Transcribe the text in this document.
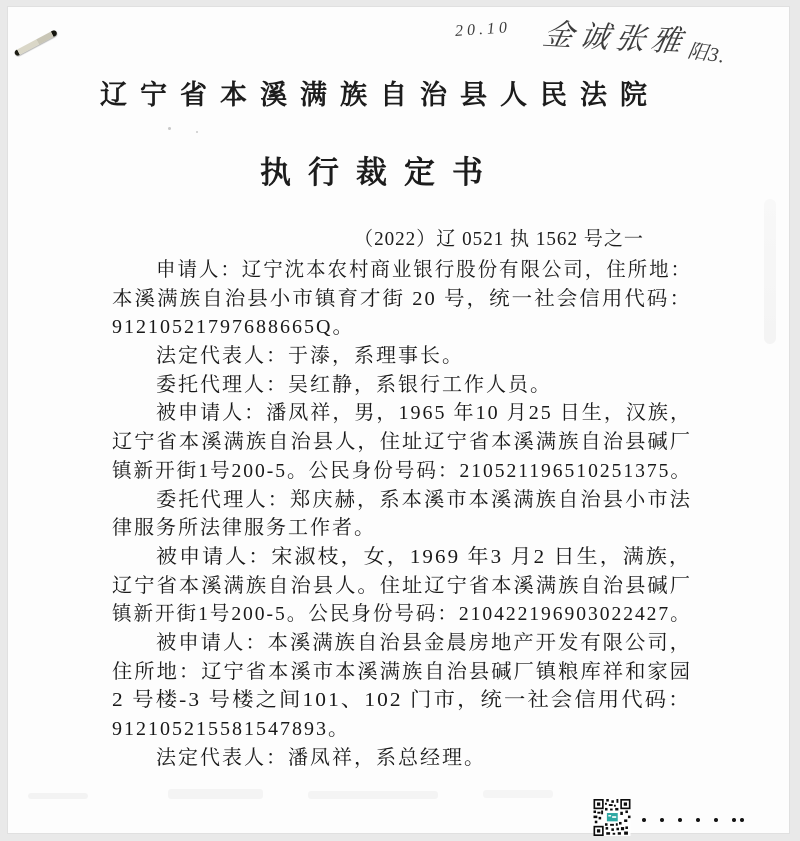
20.10 金诚张雅
阳3.
辽宁省本溪满族自治县人民法院
执行裁定书
（2022）辽 0521 执 1562 号之一
申请人：辽宁沈本农村商业银行股份有限公司，住所地：
本溪满族自治县小市镇育才街 20 号，统一社会信用代码：
91210521797688665Q。
法定代表人：于溙，系理事长。
委托代理人：吴红静，系银行工作人员。
被申请人：潘凤祥，男，1965 年10 月25 日生，汉族，
辽宁省本溪满族自治县人，住址辽宁省本溪满族自治县碱厂
镇新开街1号200-5。公民身份号码：210521196510251375。
委托代理人：郑庆赫，系本溪市本溪满族自治县小市法
律服务所法律服务工作者。
被申请人：宋淑枝，女，1969 年3 月2 日生，满族，
辽宁省本溪满族自治县人。住址辽宁省本溪满族自治县碱厂
镇新开街1号200-5。公民身份号码：210422196903022427。
被申请人：本溪满族自治县金晨房地产开发有限公司，
住所地：辽宁省本溪市本溪满族自治县碱厂镇粮库祥和家园
2 号楼-3 号楼之间101、102 门市，统一社会信用代码：
912105215581547893。
法定代表人：潘凤祥，系总经理。
